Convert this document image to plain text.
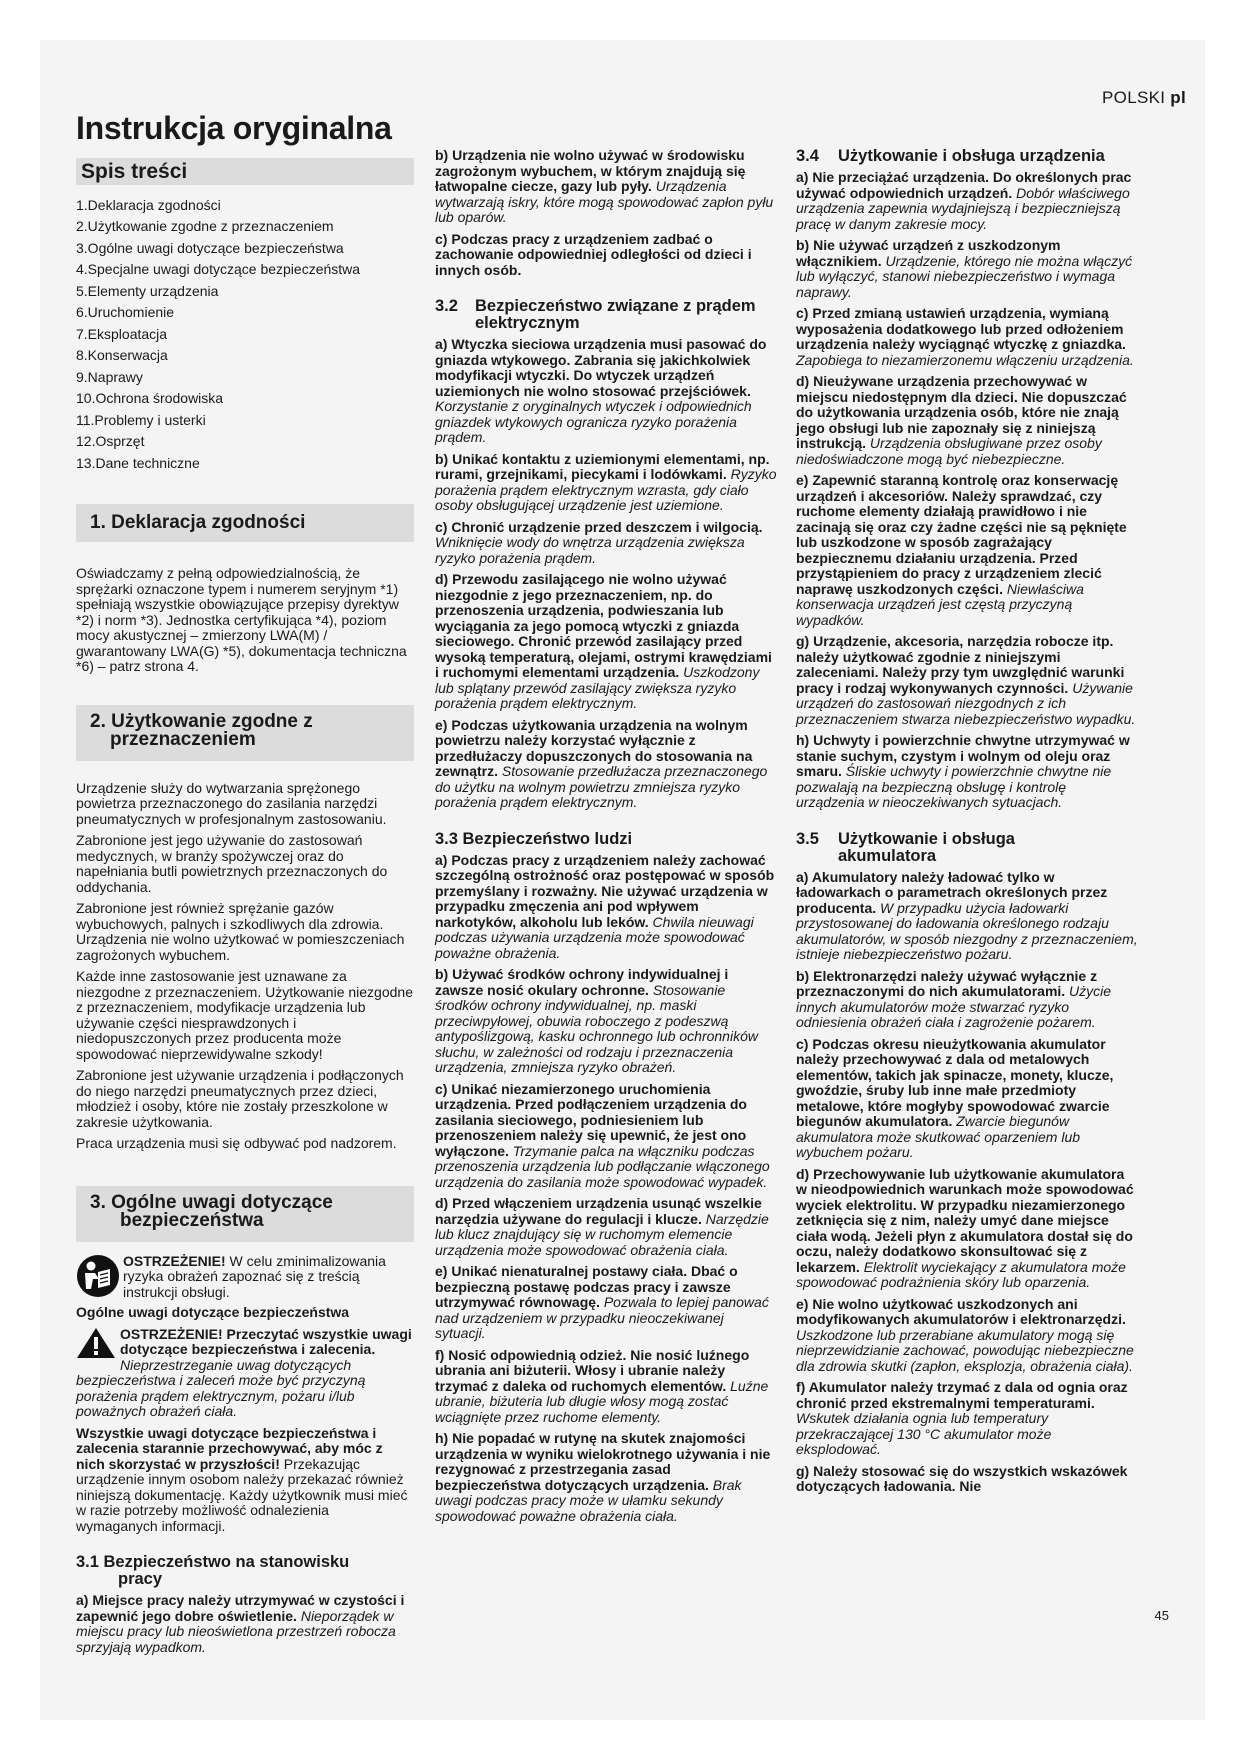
POLSKI pl
Instrukcja oryginalna
Spis treści
1.Deklaracja zgodności
2.Użytkowanie zgodne z przeznaczeniem
3.Ogólne uwagi dotyczące bezpieczeństwa
4.Specjalne uwagi dotyczące bezpieczeństwa
5.Elementy urządzenia
6.Uruchomienie
7.Eksploatacja
8.Konserwacja
9.Naprawy
10.Ochrona środowiska
11.Problemy i usterki
12.Osprzęt
13.Dane techniczne
1. Deklaracja zgodności

Oświadczamy z pełną odpowiedzialnością, że sprężarki oznaczone typem i numerem seryjnym *1) spełniają wszystkie obowiązujące przepisy dyrektyw *2) i norm *3). Jednostka certyfikująca *4), poziom mocy akustycznej – zmierzony LWA(M) / gwarantowany LWA(G) *5), dokumentacja techniczna *6) – patrz strona 4.

2. Użytkowanie zgodne z
przeznaczeniem

Urządzenie służy do wytwarzania sprężonego powietrza przeznaczonego do zasilania narzędzi pneumatycznych w profesjonalnym zastosowaniu.

Zabronione jest jego używanie do zastosowań medycznych, w branży spożywczej oraz do napełniania butli powietrznych przeznaczonych do oddychania.

Zabronione jest również sprężanie gazów wybuchowych, palnych i szkodliwych dla zdrowia. Urządzenia nie wolno użytkować w pomieszczeniach zagrożonych wybuchem.

Każde inne zastosowanie jest uznawane za niezgodne z przeznaczeniem. Użytkowanie niezgodne z przeznaczeniem, modyfikacje urządzenia lub używanie części niesprawdzonych i niedopuszczonych przez producenta może spowodować nieprzewidywalne szkody!

Zabronione jest używanie urządzenia i podłączonych do niego narzędzi pneumatycznych przez dzieci, młodzież i osoby, które nie zostały przeszkolone w zakresie użytkowania.

Praca urządzenia musi się odbywać pod nadzorem.

3. Ogólne uwagi dotyczące
bezpieczeństwa
OSTRZEŻENIE! W celu zminimalizowania ryzyka obrażeń zapoznać się z treścią instrukcji obsługi.

Ogólne uwagi dotyczące bezpieczeństwa

OSTRZEŻENIE! Przeczytać wszystkie uwagi dotyczące bezpieczeństwa i zalecenia. Nieprzestrzeganie uwag dotyczących bezpieczeństwa i zaleceń może być przyczyną porażenia prądem elektrycznym, pożaru i/lub poważnych obrażeń ciała.

Wszystkie uwagi dotyczące bezpieczeństwa i zalecenia starannie przechowywać, aby móc z nich skorzystać w przyszłości! Przekazując urządzenie innym osobom należy przekazać również niniejszą dokumentację. Każdy użytkownik musi mieć w razie potrzeby możliwość odnalezienia wymaganych informacji.

3.1 Bezpieczeństwo na stanowisku
pracy

a) Miejsce pracy należy utrzymywać w czystości i zapewnić jego dobre oświetlenie. Nieporządek w miejscu pracy lub nieoświetlona przestrzeń robocza sprzyjają wypadkom.

b) Urządzenia nie wolno używać w środowisku zagrożonym wybuchem, w którym znajdują się łatwopalne ciecze, gazy lub pyły. Urządzenia wytwarzają iskry, które mogą spowodować zapłon pyłu lub oparów.

c) Podczas pracy z urządzeniem zadbać o zachowanie odpowiedniej odległości od dzieci i innych osób.

3.2	Bezpieczeństwo związane z prądem elektrycznym

a) Wtyczka sieciowa urządzenia musi pasować do gniazda wtykowego. Zabrania się jakichkolwiek modyfikacji wtyczki. Do wtyczek urządzeń uziemionych nie wolno stosować przejściówek. Korzystanie z oryginalnych wtyczek i odpowiednich gniazdek wtykowych ogranicza ryzyko porażenia prądem.

b) Unikać kontaktu z uziemionymi elementami, np. rurami, grzejnikami, piecykami i lodówkami. Ryzyko porażenia prądem elektrycznym wzrasta, gdy ciało osoby obsługującej urządzenie jest uziemione.

c) Chronić urządzenie przed deszczem i wilgocią. Wniknięcie wody do wnętrza urządzenia zwiększa ryzyko porażenia prądem.

d) Przewodu zasilającego nie wolno używać niezgodnie z jego przeznaczeniem, np. do przenoszenia urządzenia, podwieszania lub wyciągania za jego pomocą wtyczki z gniazda sieciowego. Chronić przewód zasilający przed wysoką temperaturą, olejami, ostrymi krawędziami i ruchomymi elementami urządzenia. Uszkodzony lub splątany przewód zasilający zwiększa ryzyko porażenia prądem elektrycznym.

e) Podczas użytkowania urządzenia na wolnym powietrzu należy korzystać wyłącznie z przedłużaczy dopuszczonych do stosowania na zewnątrz. Stosowanie przedłużacza przeznaczonego do użytku na wolnym powietrzu zmniejsza ryzyko porażenia prądem elektrycznym.

3.3 Bezpieczeństwo ludzi

a) Podczas pracy z urządzeniem należy zachować szczególną ostrożność oraz postępować w sposób przemyślany i rozważny. Nie używać urządzenia w przypadku zmęczenia ani pod wpływem narkotyków, alkoholu lub leków. Chwila nieuwagi podczas używania urządzenia może spowodować poważne obrażenia.

b) Używać środków ochrony indywidualnej i zawsze nosić okulary ochronne. Stosowanie środków ochrony indywidualnej, np. maski przeciwpyłowej, obuwia roboczego z podeszwą antypoślizgową, kasku ochronnego lub ochronników słuchu, w zależności od rodzaju i przeznaczenia urządzenia, zmniejsza ryzyko obrażeń.

c) Unikać niezamierzonego uruchomienia urządzenia. Przed podłączeniem urządzenia do zasilania sieciowego, podniesieniem lub przenoszeniem należy się upewnić, że jest ono wyłączone. Trzymanie palca na włączniku podczas przenoszenia urządzenia lub podłączanie włączonego urządzenia do zasilania może spowodować wypadek.

d) Przed włączeniem urządzenia usunąć wszelkie narzędzia używane do regulacji i klucze. Narzędzie lub klucz znajdujący się w ruchomym elemencie urządzenia może spowodować obrażenia ciała.

e) Unikać nienaturalnej postawy ciała. Dbać o bezpieczną postawę podczas pracy i zawsze utrzymywać równowagę. Pozwala to lepiej panować nad urządzeniem w przypadku nieoczekiwanej sytuacji.

f) Nosić odpowiednią odzież. Nie nosić luźnego ubrania ani biżuterii. Włosy i ubranie należy trzymać z daleka od ruchomych elementów. Luźne ubranie, biżuteria lub długie włosy mogą zostać wciągnięte przez ruchome elementy.

h) Nie popadać w rutynę na skutek znajomości urządzenia w wyniku wielokrotnego używania i nie rezygnować z przestrzegania zasad bezpieczeństwa dotyczących urządzenia. Brak uwagi podczas pracy może w ułamku sekundy spowodować poważne obrażenia ciała.

3.4	Użytkowanie i obsługa urządzenia

a) Nie przeciążać urządzenia. Do określonych prac używać odpowiednich urządzeń. Dobór właściwego urządzenia zapewnia wydajniejszą i bezpieczniejszą pracę w danym zakresie mocy.

b) Nie używać urządzeń z uszkodzonym włącznikiem. Urządzenie, którego nie można włączyć lub wyłączyć, stanowi niebezpieczeństwo i wymaga naprawy.

c) Przed zmianą ustawień urządzenia, wymianą wyposażenia dodatkowego lub przed odłożeniem urządzenia należy wyciągnąć wtyczkę z gniazdka. Zapobiega to niezamierzonemu włączeniu urządzenia.

d) Nieużywane urządzenia przechowywać w miejscu niedostępnym dla dzieci. Nie dopuszczać do użytkowania urządzenia osób, które nie znają jego obsługi lub nie zapoznały się z niniejszą instrukcją. Urządzenia obsługiwane przez osoby niedoświadczone mogą być niebezpieczne.

e) Zapewnić staranną kontrolę oraz konserwację urządzeń i akcesoriów. Należy sprawdzać, czy ruchome elementy działają prawidłowo i nie zacinają się oraz czy żadne części nie są pęknięte lub uszkodzone w sposób zagrażający bezpiecznemu działaniu urządzenia. Przed przystąpieniem do pracy z urządzeniem zlecić naprawę uszkodzonych części. Niewłaściwa konserwacja urządzeń jest częstą przyczyną wypadków.

g) Urządzenie, akcesoria, narzędzia robocze itp. należy użytkować zgodnie z niniejszymi zaleceniami. Należy przy tym uwzględnić warunki pracy i rodzaj wykonywanych czynności. Używanie urządzeń do zastosowań niezgodnych z ich przeznaczeniem stwarza niebezpieczeństwo wypadku.

h) Uchwyty i powierzchnie chwytne utrzymywać w stanie suchym, czystym i wolnym od oleju oraz smaru. Śliskie uchwyty i powierzchnie chwytne nie pozwalają na bezpieczną obsługę i kontrolę urządzenia w nieoczekiwanych sytuacjach.

3.5	Użytkowanie i obsługa
akumulatora

a) Akumulatory należy ładować tylko w ładowarkach o parametrach określonych przez producenta. W przypadku użycia ładowarki przystosowanej do ładowania określonego rodzaju akumulatorów, w sposób niezgodny z przeznaczeniem, istnieje niebezpieczeństwo pożaru.

b) Elektronarzędzi należy używać wyłącznie z przeznaczonymi do nich akumulatorami. Użycie innych akumulatorów może stwarzać ryzyko odniesienia obrażeń ciała i zagrożenie pożarem.

c) Podczas okresu nieużytkowania akumulator należy przechowywać z dala od metalowych elementów, takich jak spinacze, monety, klucze, gwoździe, śruby lub inne małe przedmioty metalowe, które mogłyby spowodować zwarcie biegunów akumulatora. Zwarcie biegunów akumulatora może skutkować oparzeniem lub wybuchem pożaru.

d) Przechowywanie lub użytkowanie akumulatora w nieodpowiednich warunkach może spowodować wyciek elektrolitu. W przypadku niezamierzonego zetknięcia się z nim, należy umyć dane miejsce ciała wodą. Jeżeli płyn z akumulatora dostał się do oczu, należy dodatkowo skonsultować się z lekarzem. Elektrolit wyciekający z akumulatora może spowodować podrażnienia skóry lub oparzenia.

e) Nie wolno użytkować uszkodzonych ani modyfikowanych akumulatorów i elektronarzędzi. Uszkodzone lub przerabiane akumulatory mogą się nieprzewidzianie zachować, powodując niebezpieczne dla zdrowia skutki (zapłon, eksplozja, obrażenia ciała).

f) Akumulator należy trzymać z dala od ognia oraz chronić przed ekstremalnymi temperaturami. Wskutek działania ognia lub temperatury przekraczającej 130 °C akumulator może eksplodować.

g) Należy stosować się do wszystkich wskazówek dotyczących ładowania. Nie

45
